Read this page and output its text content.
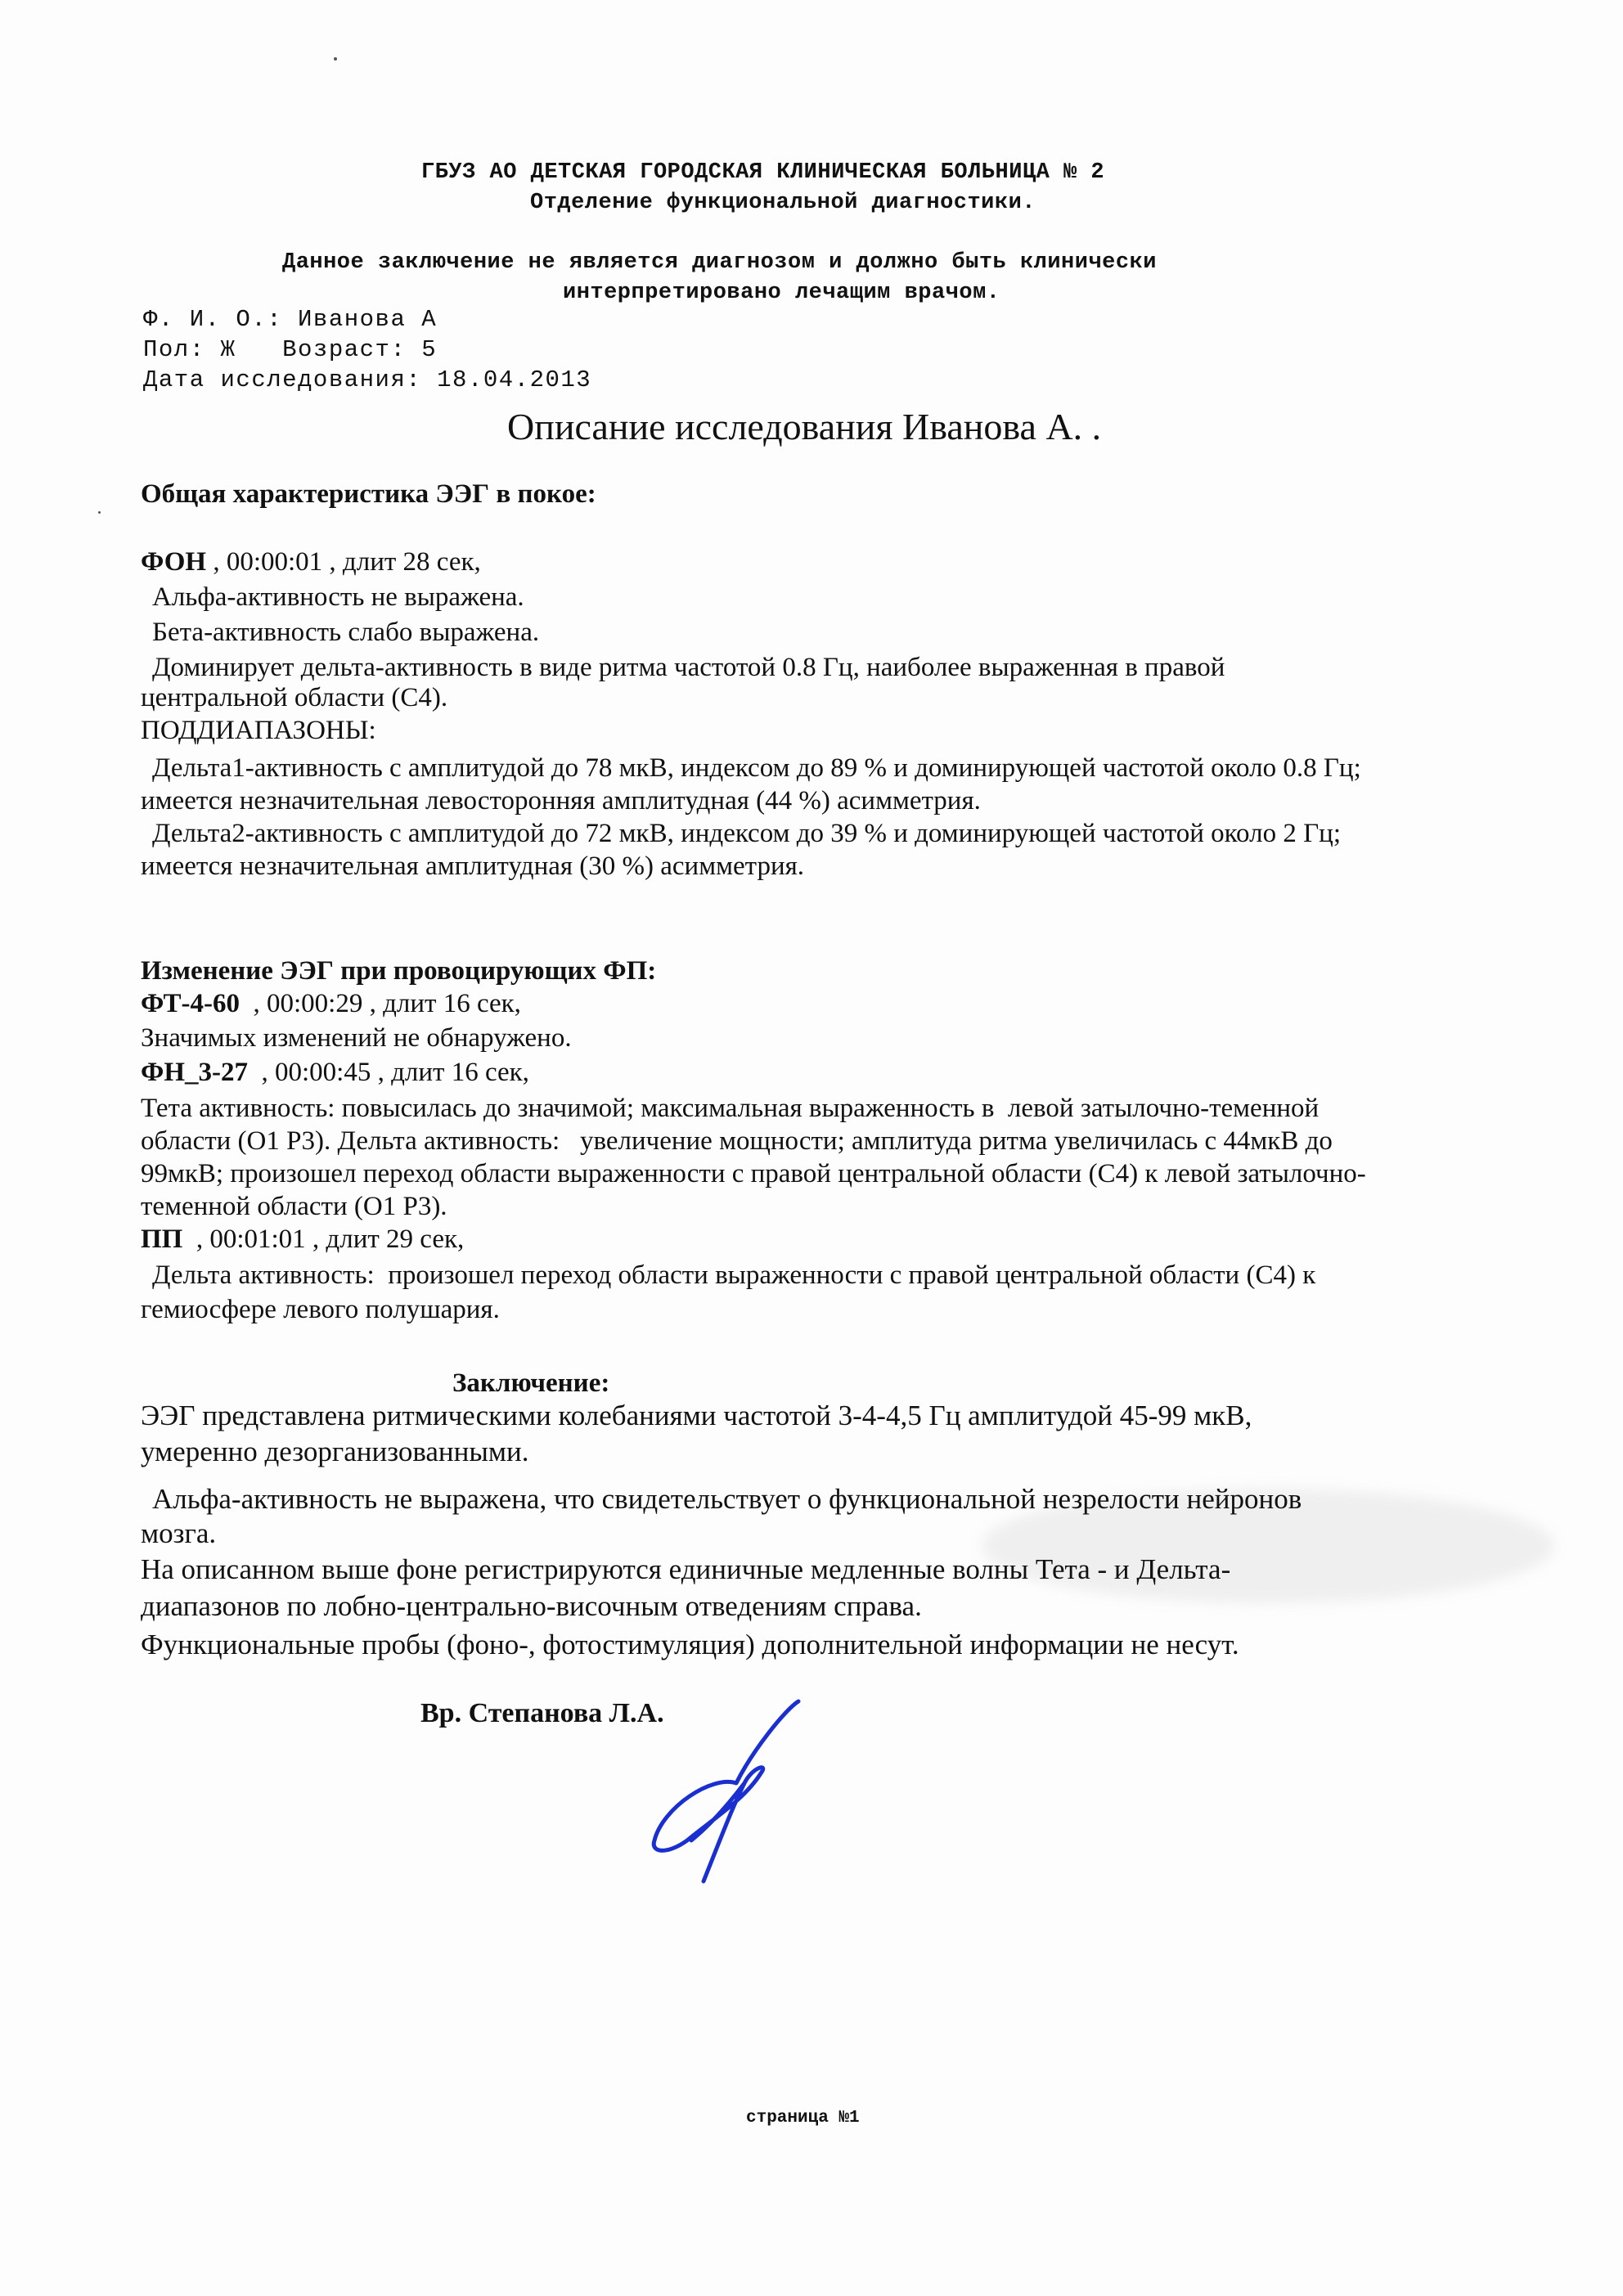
ГБУЗ АО ДЕТСКАЯ ГОРОДСКАЯ КЛИНИЧЕСКАЯ БОЛЬНИЦА № 2
Отделение функциональной диагностики.
Данное заключение не является диагнозом и должно быть клинически
интерпретировано лечащим врачом.
Ф. И. О.: Иванова А
Пол: Ж   Возраст: 5
Дата исследования: 18.04.2013
Описание исследования Иванова А. .
Общая характеристика ЭЭГ в покое:
ФОН , 00:00:01 , длит 28 сек,
Альфа-активность не выражена.
Бета-активность слабо выражена.
Доминирует дельта-активность в виде ритма частотой 0.8 Гц, наиболее выраженная в правой
центральной области (С4).
ПОДДИАПАЗОНЫ:
Дельта1-активность с амплитудой до 78 мкВ, индексом до 89 % и доминирующей частотой около 0.8 Гц;
имеется незначительная левосторонняя амплитудная (44 %) асимметрия.
Дельта2-активность с амплитудой до 72 мкВ, индексом до 39 % и доминирующей частотой около 2 Гц;
имеется незначительная амплитудная (30 %) асимметрия.
Изменение ЭЭГ при провоцирующих ФП:
ФТ-4-60  , 00:00:29 , длит 16 сек,
Значимых изменений не обнаружено.
ФН_3-27  , 00:00:45 , длит 16 сек,
Тета активность: повысилась до значимой; максимальная выраженность в  левой затылочно-теменной
области (О1 Р3). Дельта активность:   увеличение мощности; амплитуда ритма увеличилась с 44мкВ до
99мкВ; произошел переход области выраженности с правой центральной области (С4) к левой затылочно-
теменной области (О1 Р3).
ПП  , 00:01:01 , длит 29 сек,
Дельта активность:  произошел переход области выраженности с правой центральной области (С4) к
гемиосфере левого полушария.
Заключение:
ЭЭГ представлена ритмическими колебаниями частотой 3-4-4,5 Гц амплитудой 45-99 мкВ,
умеренно дезорганизованными.
Альфа-активность не выражена, что свидетельствует о функциональной незрелости нейронов
мозга.
На описанном выше фоне регистрируются единичные медленные волны Тета - и Дельта-
диапазонов по лобно-центрально-височным отведениям справа.
Функциональные пробы (фоно-, фотостимуляция) дополнительной информации не несут.
Вр. Степанова Л.А.
страница №1
